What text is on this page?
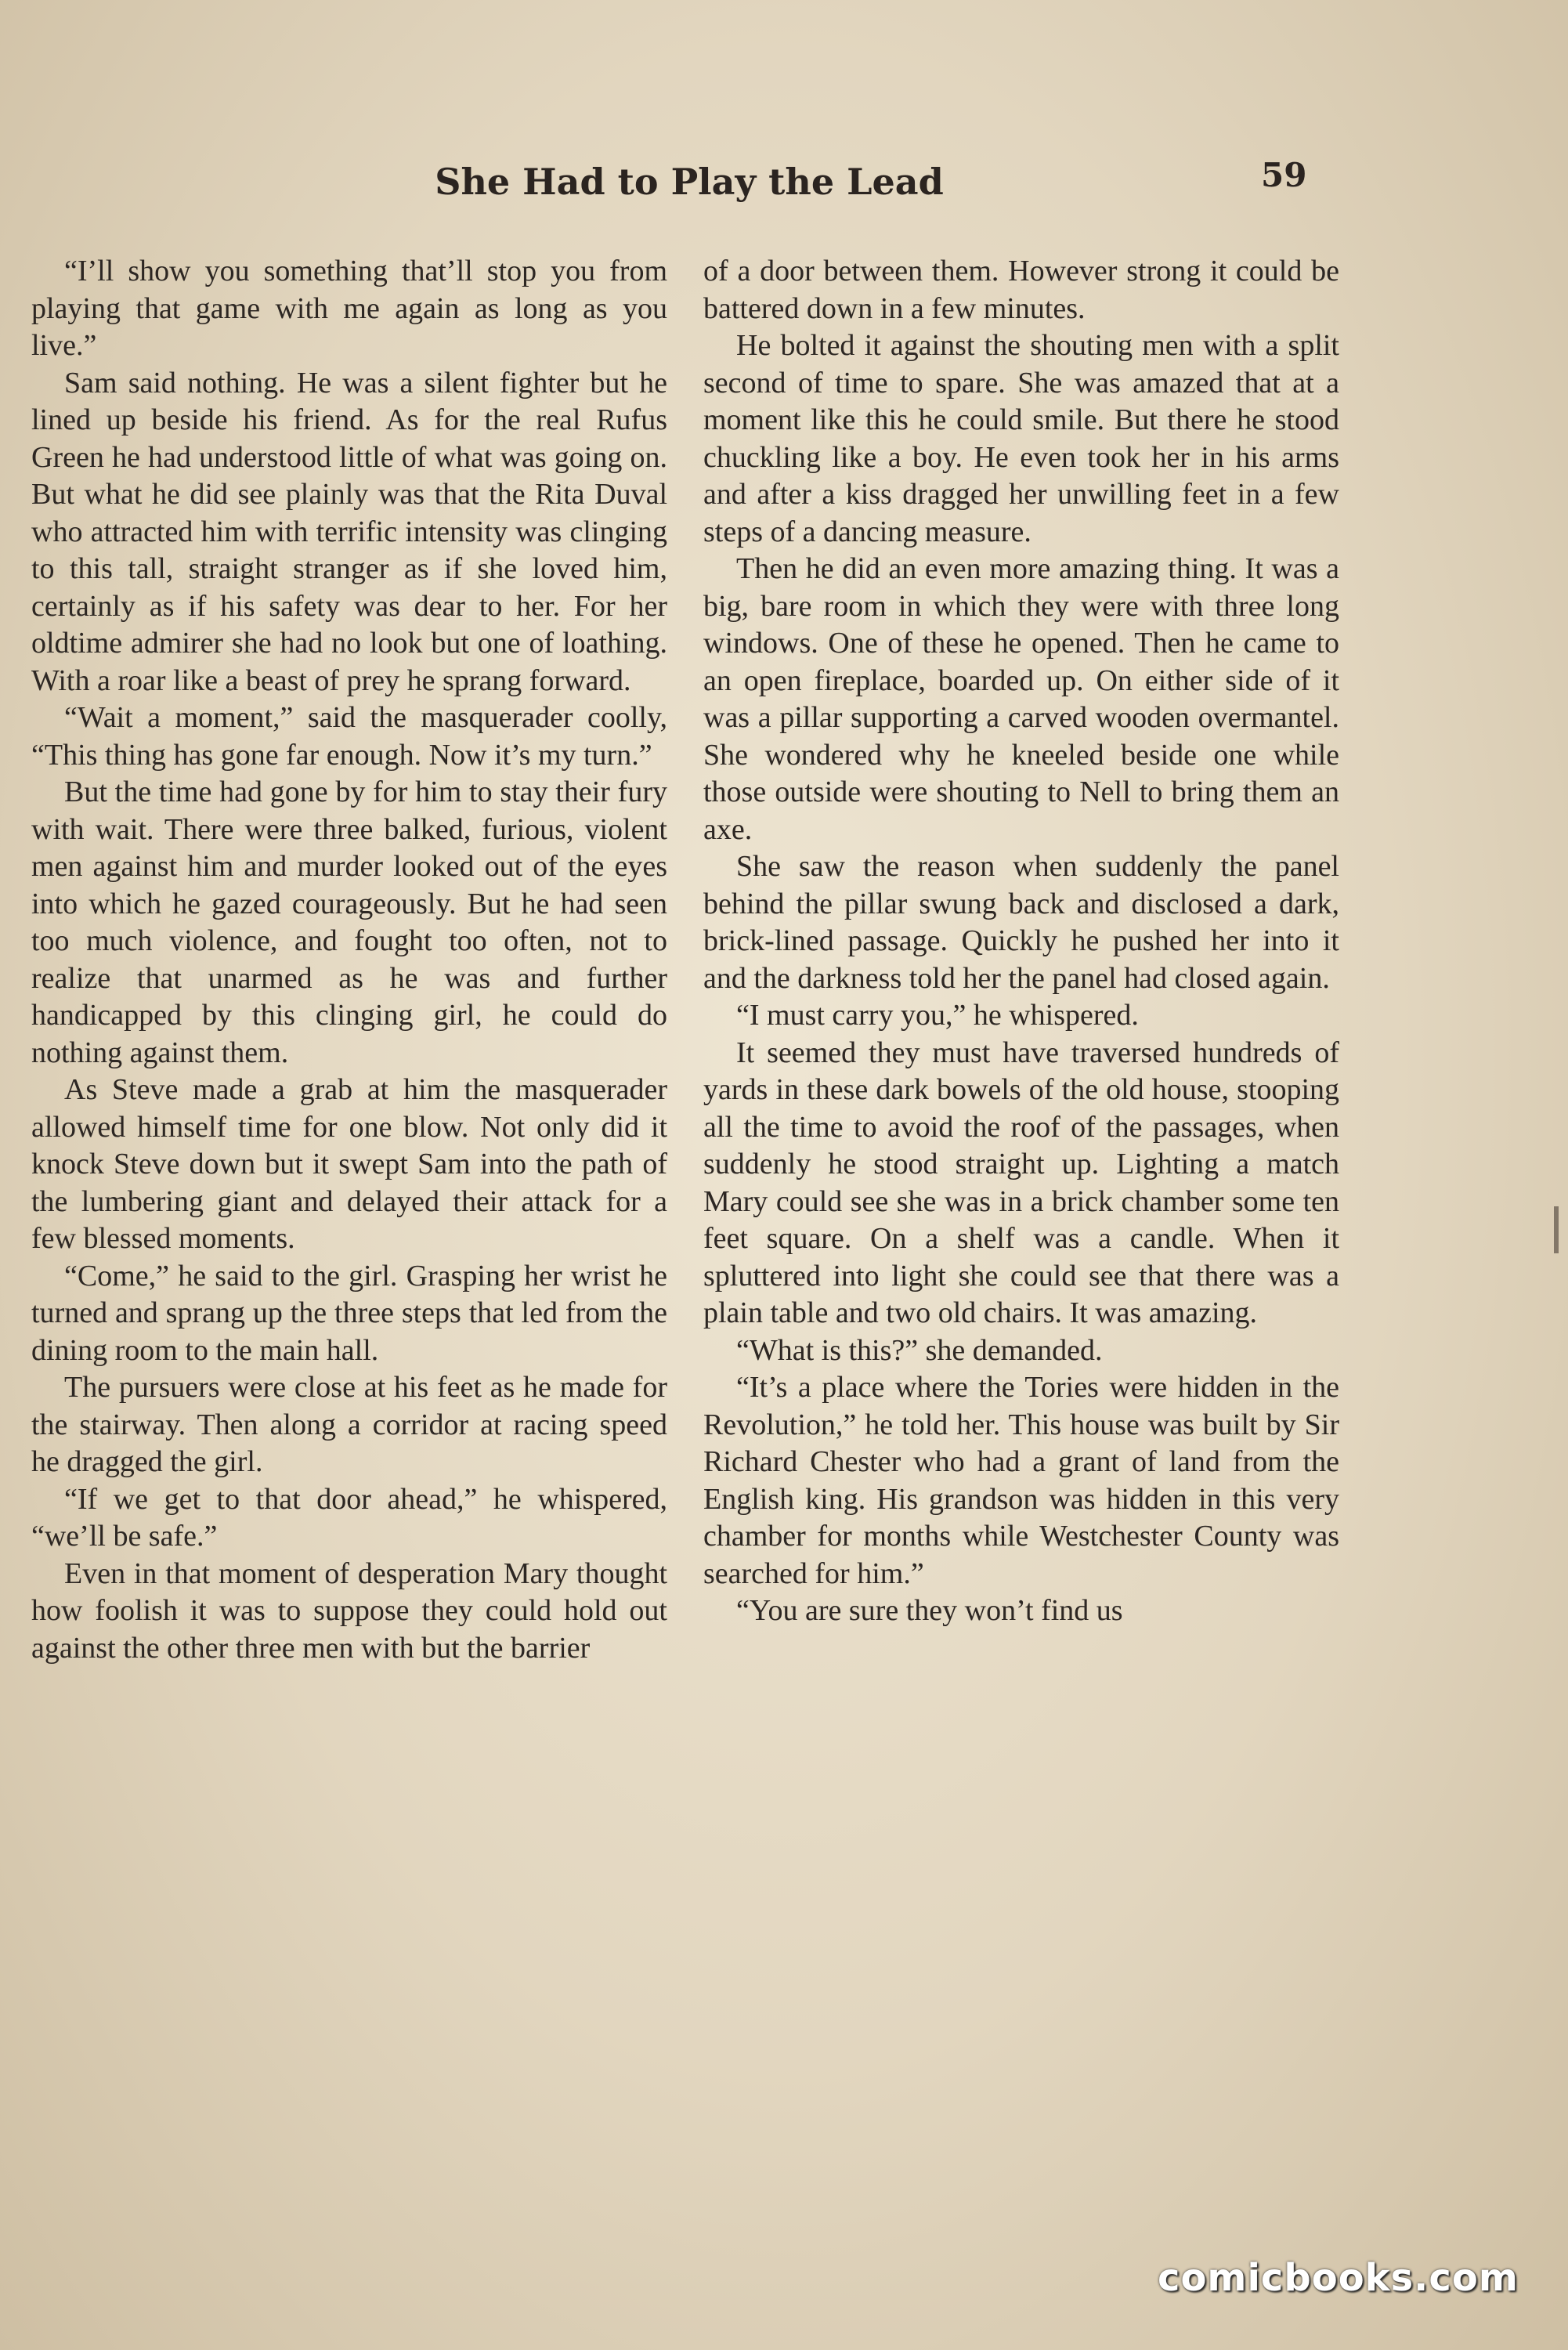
She Had to Play the Lead	59

“I’ll show you something that’ll stop you from playing that game with me again as long as you live.”

Sam said nothing. He was a silent fighter but he lined up beside his friend. As for the real Rufus Green he had understood little of what was going on. But what he did see plainly was that the Rita Duval who attracted him with terrific intensity was clinging to this tall, straight stranger as if she loved him, certainly as if his safety was dear to her. For her oldtime admirer she had no look but one of loathing. With a roar like a beast of prey he sprang forward.

“Wait a moment,” said the masquerader coolly, “This thing has gone far enough. Now it’s my turn.”

But the time had gone by for him to stay their fury with wait. There were three balked, furious, violent men against him and murder looked out of the eyes into which he gazed courageously. But he had seen too much violence, and fought too often, not to realize that unarmed as he was and further handicapped by this clinging girl, he could do nothing against them.

As Steve made a grab at him the masquerader allowed himself time for one blow. Not only did it knock Steve down but it swept Sam into the path of the lumbering giant and delayed their attack for a few blessed moments.

“Come,” he said to the girl. Grasping her wrist he turned and sprang up the three steps that led from the dining room to the main hall.

The pursuers were close at his feet as he made for the stairway. Then along a corridor at racing speed he dragged the girl.

“If we get to that door ahead,” he whispered, “we’ll be safe.”

Even in that moment of desperation Mary thought how foolish it was to suppose they could hold out against the other three men with but the barrier

of a door between them. However strong it could be battered down in a few minutes.

He bolted it against the shouting men with a split second of time to spare. She was amazed that at a moment like this he could smile. But there he stood chuckling like a boy. He even took her in his arms and after a kiss dragged her unwilling feet in a few steps of a dancing measure.

Then he did an even more amazing thing. It was a big, bare room in which they were with three long windows. One of these he opened. Then he came to an open fireplace, boarded up. On either side of it was a pillar supporting a carved wooden overmantel. She wondered why he kneeled beside one while those outside were shouting to Nell to bring them an axe.

She saw the reason when suddenly the panel behind the pillar swung back and disclosed a dark, brick-lined passage. Quickly he pushed her into it and the darkness told her the panel had closed again.

“I must carry you,” he whispered.

It seemed they must have traversed hundreds of yards in these dark bowels of the old house, stooping all the time to avoid the roof of the passages, when suddenly he stood straight up. Lighting a match Mary could see she was in a brick chamber some ten feet square. On a shelf was a candle. When it spluttered into light she could see that there was a plain table and two old chairs. It was amazing.

“What is this?” she demanded.

“It’s a place where the Tories were hidden in the Revolution,” he told her. This house was built by Sir Richard Chester who had a grant of land from the English king. His grandson was hidden in this very chamber for months while Westchester County was searched for him.”

“You are sure they won’t find us

comicbooks.com
